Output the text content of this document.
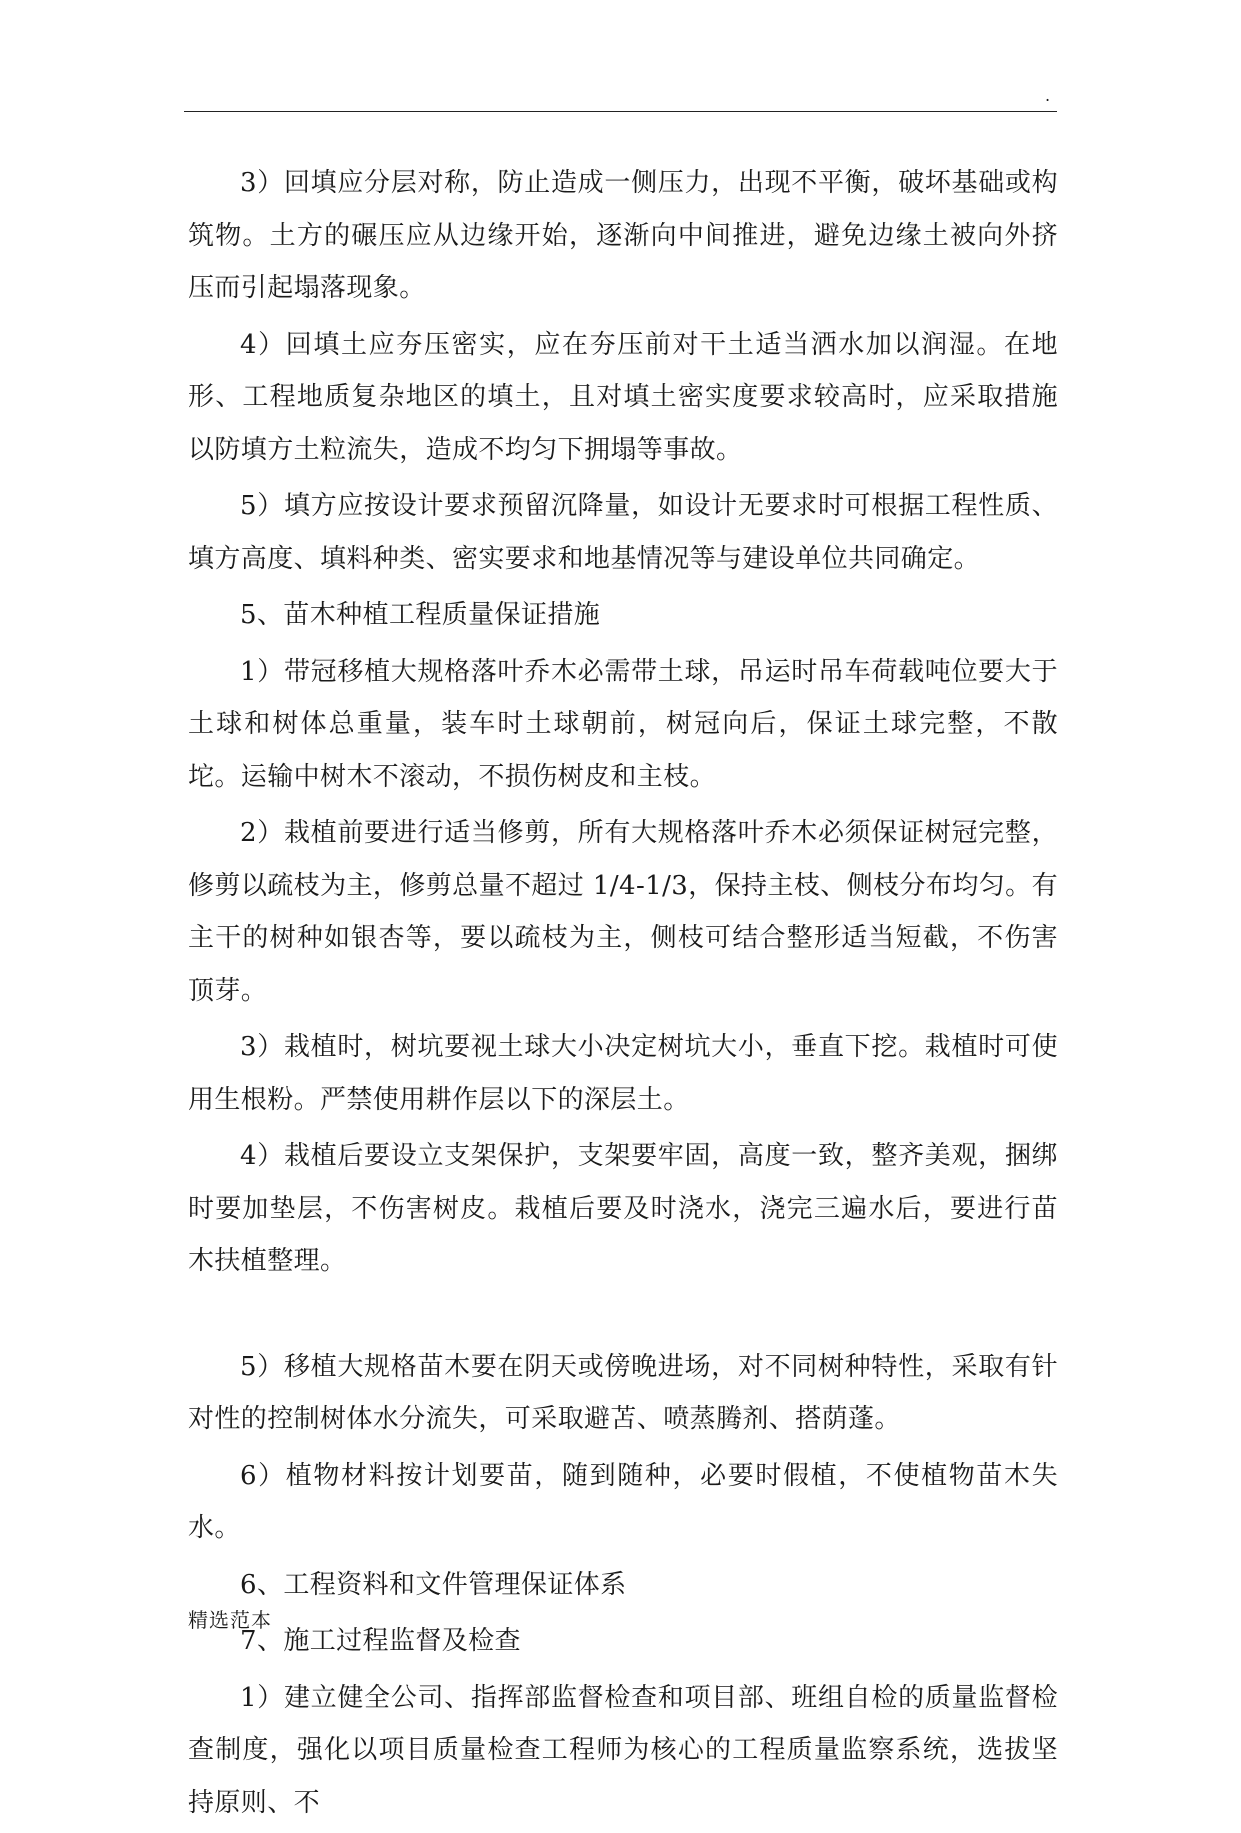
.

3）回填应分层对称，防止造成一侧压力，出现不平衡，破坏基础或构筑物。土方的碾压应从边缘开始，逐渐向中间推进，避免边缘土被向外挤压而引起塌落现象。

4）回填土应夯压密实，应在夯压前对干土适当洒水加以润湿。在地形、工程地质复杂地区的填土，且对填土密实度要求较高时，应采取措施以防填方土粒流失，造成不均匀下拥塌等事故。

5）填方应按设计要求预留沉降量，如设计无要求时可根据工程性质、填方高度、填料种类、密实要求和地基情况等与建设单位共同确定。

5、苗木种植工程质量保证措施

1）带冠移植大规格落叶乔木必需带土球，吊运时吊车荷载吨位要大于土球和树体总重量，装车时土球朝前，树冠向后，保证土球完整，不散坨。运输中树木不滚动，不损伤树皮和主枝。

2）栽植前要进行适当修剪，所有大规格落叶乔木必须保证树冠完整，修剪以疏枝为主，修剪总量不超过 1/4-1/3，保持主枝、侧枝分布均匀。有主干的树种如银杏等，要以疏枝为主，侧枝可结合整形适当短截，不伤害顶芽。

3）栽植时，树坑要视土球大小决定树坑大小，垂直下挖。栽植时可使用生根粉。严禁使用耕作层以下的深层土。

4）栽植后要设立支架保护，支架要牢固，高度一致，整齐美观，捆绑时要加垫层，不伤害树皮。栽植后要及时浇水，浇完三遍水后，要进行苗木扶植整理。

5）移植大规格苗木要在阴天或傍晚进场，对不同树种特性，采取有针对性的控制树体水分流失，可采取避苫、喷蒸腾剂、搭荫蓬。

6）植物材料按计划要苗，随到随种，必要时假植，不使植物苗木失水。

6、工程资料和文件管理保证体系

7、施工过程监督及检查

1）建立健全公司、指挥部监督检查和项目部、班组自检的质量监督检查制度，强化以项目质量检查工程师为核心的工程质量监察系统，选拔坚持原则、不

精选范本
